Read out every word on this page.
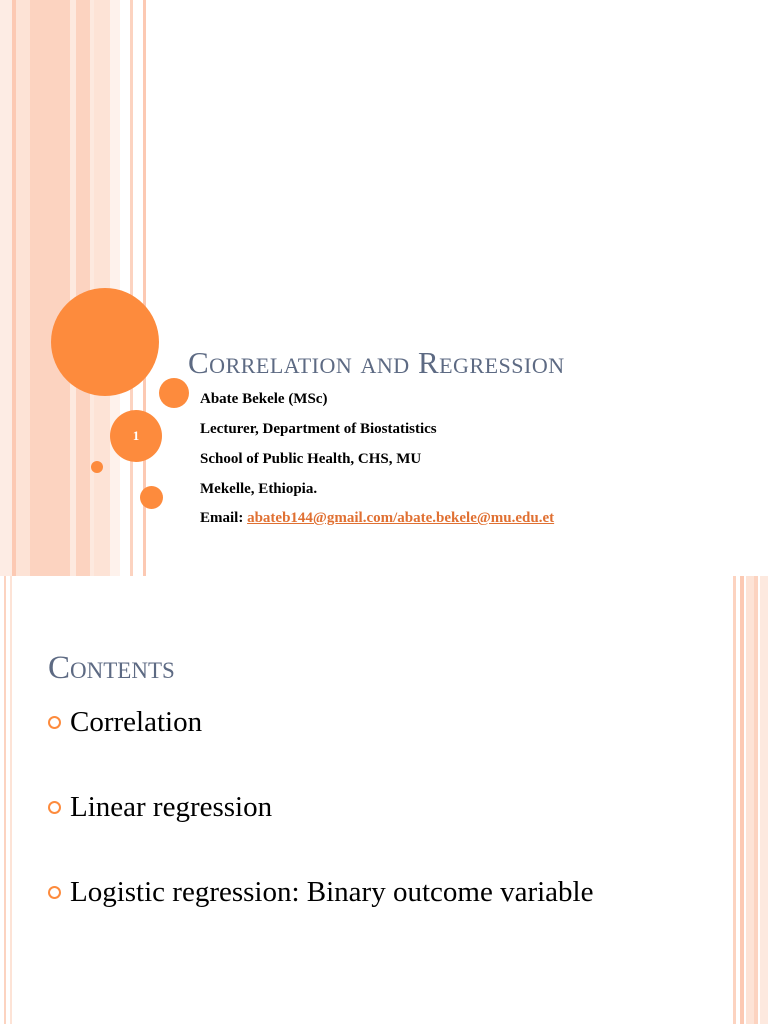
1
Correlation and Regression
Abate Bekele (MSc)
Lecturer, Department of Biostatistics
School of Public Health, CHS, MU
Mekelle, Ethiopia.
Email: abateb144@gmail.com/abate.bekele@mu.edu.et
Contents
Correlation
Linear regression
Logistic regression: Binary outcome variable
